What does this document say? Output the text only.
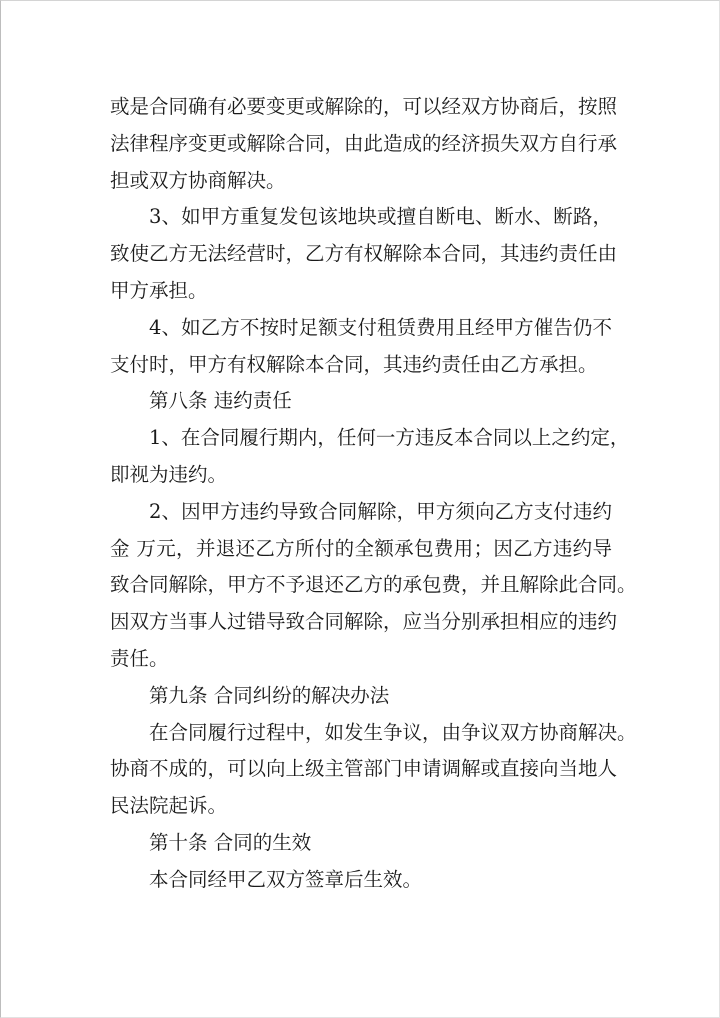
或是合同确有必要变更或解除的，可以经双方协商后，按照
法律程序变更或解除合同，由此造成的经济损失双方自行承
担或双方协商解决。
3、如甲方重复发包该地块或擅自断电、断水、断路，
致使乙方无法经营时，乙方有权解除本合同，其违约责任由
甲方承担。
4、如乙方不按时足额支付租赁费用且经甲方催告仍不
支付时，甲方有权解除本合同，其违约责任由乙方承担。
第八条 违约责任
1、在合同履行期内，任何一方违反本合同以上之约定，
即视为违约。
2、因甲方违约导致合同解除，甲方须向乙方支付违约
金 万元，并退还乙方所付的全额承包费用；因乙方违约导
致合同解除，甲方不予退还乙方的承包费，并且解除此合同。
因双方当事人过错导致合同解除，应当分别承担相应的违约
责任。
第九条 合同纠纷的解决办法
在合同履行过程中，如发生争议，由争议双方协商解决。
协商不成的，可以向上级主管部门申请调解或直接向当地人
民法院起诉。
第十条 合同的生效
本合同经甲乙双方签章后生效。
